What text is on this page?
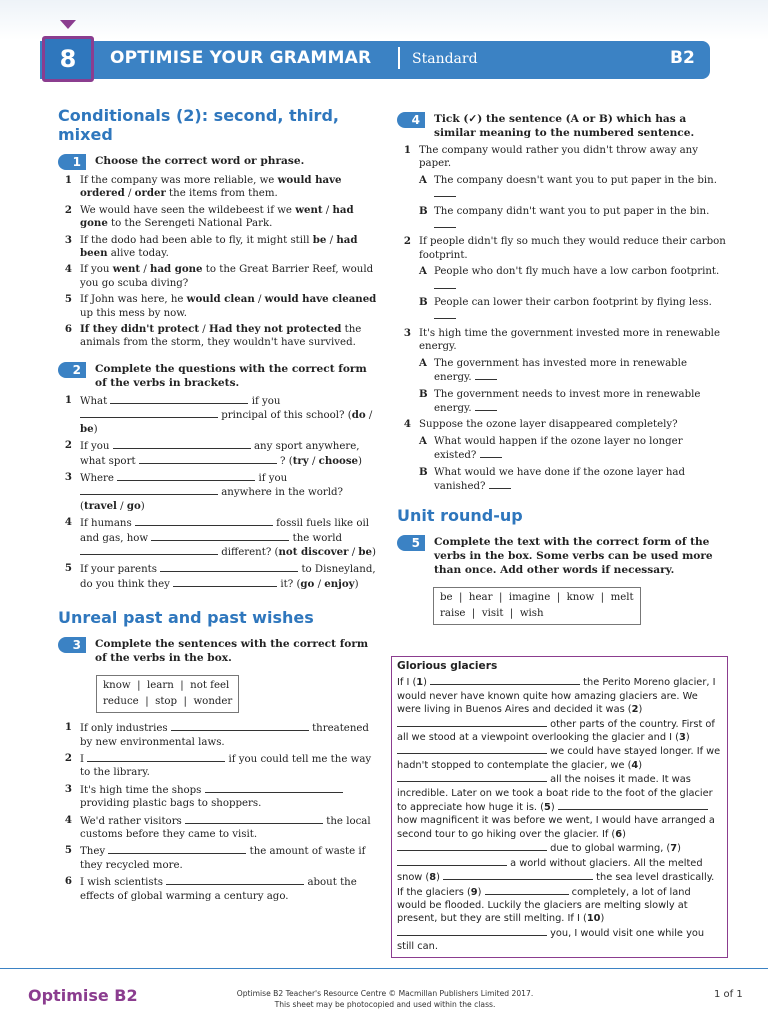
8	OPTIMISE YOUR GRAMMAR	Standard	B2
Conditionals (2): second, third, mixed
1	Choose the correct word or phrase.
1 If the company was more reliable, we would have ordered / order the items from them.
2 We would have seen the wildebeest if we went / had gone to the Serengeti National Park.
3 If the dodo had been able to fly, it might still be / had been alive today.
4 If you went / had gone to the Great Barrier Reef, would you go scuba diving?
5 If John was here, he would clean / would have cleaned up this mess by now.
6 If they didn't protect / Had they not protected the animals from the storm, they wouldn't have survived.
2	Complete the questions with the correct form of the verbs in brackets.
1 What	if you  principal of this school? (do / be)
2 If you	any sport anywhere, what sport	? (try / choose)
3 Where	if you  anywhere in the world? (travel / go)
4 If humans	fossil fuels like oil and gas, how	the world  different? (not discover / be)
5 If your parents	to Disneyland, do you think they	it? (go / enjoy)
Unreal past and past wishes
3	Complete the sentences with the correct form of the verbs in the box.
know  |  learn  |  not feel
reduce  |  stop  |  wonder
1 If only industries	threatened by new environmental laws.
2 I	if you could tell me the way to the library.
3 It's high time the shops  providing plastic bags to shoppers.
4 We'd rather visitors	the local customs before they came to visit.
5 They	the amount of waste if they recycled more.
6 I wish scientists	about the effects of global warming a century ago.
4	Tick (✓) the sentence (A or B) which has a similar meaning to the numbered sentence.
1 The company would rather you didn't throw away any paper.
A The company doesn't want you to put paper in the bin.
B The company didn't want you to put paper in the bin.
2 If people didn't fly so much they would reduce their carbon footprint.
A People who don't fly much have a low carbon footprint.
B People can lower their carbon footprint by flying less.
3 It's high time the government invested more in renewable energy.
A The government has invested more in renewable energy.
B The government needs to invest more in renewable energy.
4 Suppose the ozone layer disappeared completely?
A What would happen if the ozone layer no longer existed?
B What would we have done if the ozone layer had vanished?
Unit round-up
5	Complete the text with the correct form of the verbs in the box. Some verbs can be used more than once. Add other words if necessary.
be  |  hear  |  imagine  |  know  |  melt
raise  |  visit  |  wish
Glorious glaciers
If I (1)	the Perito Moreno glacier, I would never have known quite how amazing glaciers are. We were living in Buenos Aires and decided it was (2)  other parts of the country. First of all we stood at a viewpoint overlooking the glacier and I (3)  we could have stayed longer. If we hadn't stopped to contemplate the glacier, we (4)  all the noises it made. It was incredible. Later on we took a boat ride to the foot of the glacier to appreciate how huge it is. (5)  how magnificent it was before we went, I would have arranged a second tour to go hiking over the glacier. If (6)  due to global warming, (7)  a world without glaciers. All the melted snow (8)	the sea level drastically. If the glaciers (9)	completely, a lot of land would be flooded. Luckily the glaciers are melting slowly at present, but they are still melting. If I (10)  you, I would visit one while you still can.
Optimise B2	Optimise B2 Teacher's Resource Centre © Macmillan Publishers Limited 2017.
This sheet may be photocopied and used within the class.
1 of 1
